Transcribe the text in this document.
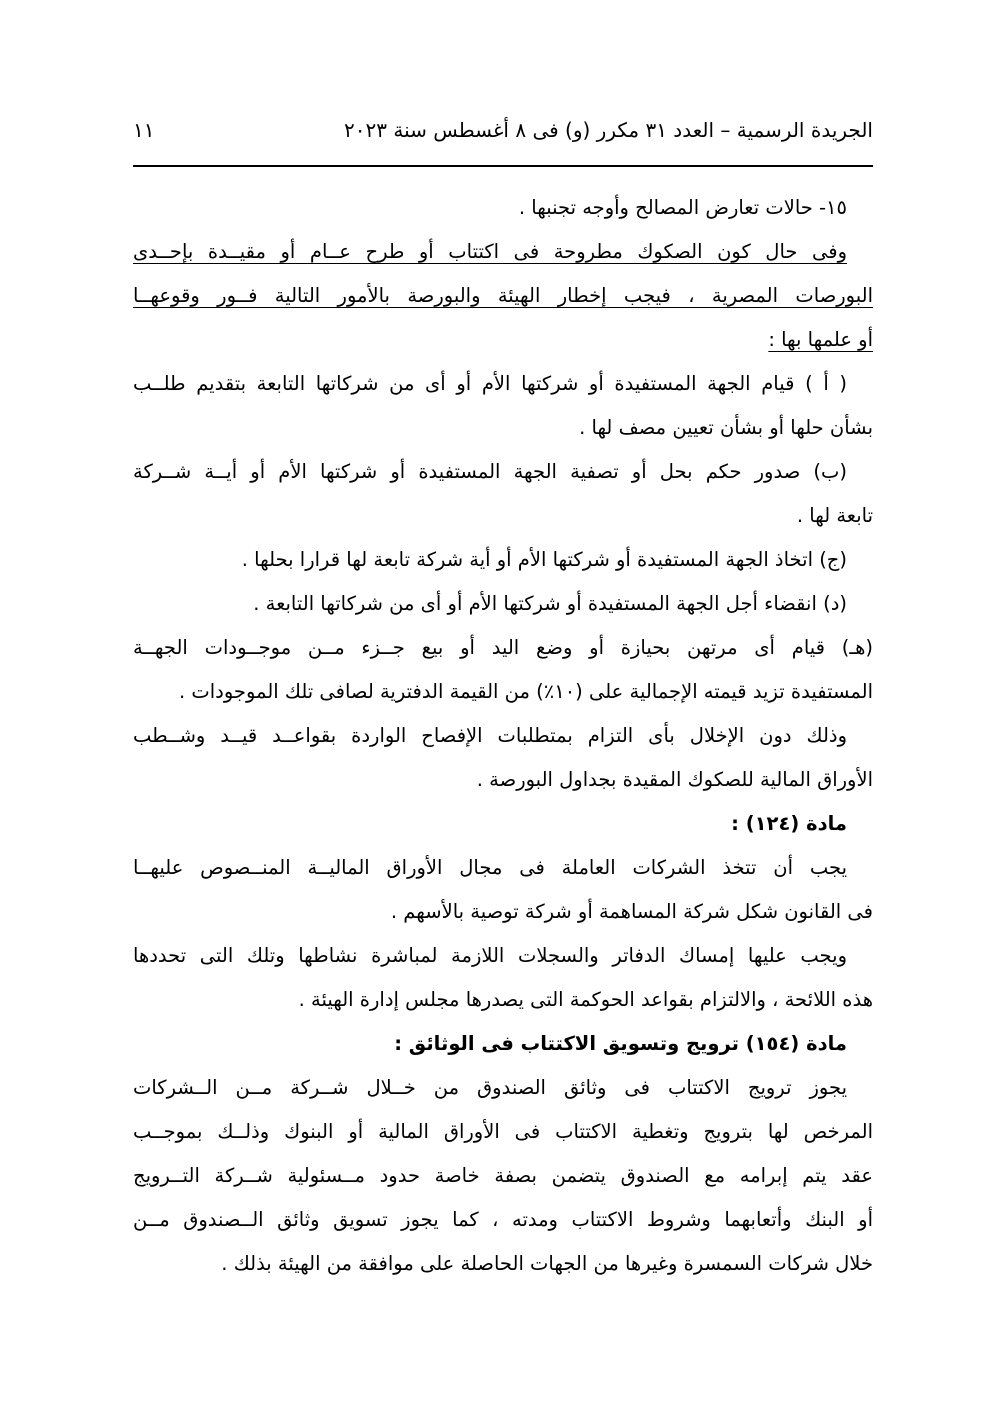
الجريدة الرسمية – العدد ٣١ مكرر (و) فى ٨ أغسطس سنة ٢٠٢٣
١١
١٥- حالات تعارض المصالح وأوجه تجنبها .
وفى حال كون الصكوك مطروحة فى اكتتاب أو طرح عــام أو مقيــدة بإحــدى
البورصات المصرية ، فيجب إخطار الهيئة والبورصة بالأمور التالية فــور وقوعهــا
أو علمها بها :
( أ ) قيام الجهة المستفيدة أو شركتها الأم أو أى من شركاتها التابعة بتقديم طلــب
بشأن حلها أو بشأن تعيين مصف لها .
(ب) صدور حكم بحل أو تصفية الجهة المستفيدة أو شركتها الأم أو أيــة شــركة
تابعة لها .
(ج) اتخاذ الجهة المستفيدة أو شركتها الأم أو أية شركة تابعة لها قرارا بحلها .
(د) انقضاء أجل الجهة المستفيدة أو شركتها الأم أو أى من شركاتها التابعة .
(هـ) قيام أى مرتهن بحيازة أو وضع اليد أو بيع جــزء مــن موجــودات الجهــة
المستفيدة تزيد قيمته الإجمالية على (١٠٪) من القيمة الدفترية لصافى تلك الموجودات .
وذلك دون الإخلال بأى التزام بمتطلبات الإفصاح الواردة بقواعــد قيــد وشــطب
الأوراق المالية للصكوك المقيدة بجداول البورصة .
مادة (١٢٤) :
يجب أن تتخذ الشركات العاملة فى مجال الأوراق الماليــة المنــصوص عليهــا
فى القانون شكل شركة المساهمة أو شركة توصية بالأسهم .
ويجب عليها إمساك الدفاتر والسجلات اللازمة لمباشرة نشاطها وتلك التى تحددها
هذه اللائحة ، والالتزام بقواعد الحوكمة التى يصدرها مجلس إدارة الهيئة .
مادة (١٥٤) ترويج وتسويق الاكتتاب فى الوثائق :
يجوز ترويج الاكتتاب فى وثائق الصندوق من خــلال شــركة مــن الــشركات
المرخص لها بترويج وتغطية الاكتتاب فى الأوراق المالية أو البنوك وذلــك بموجــب
عقد يتم إبرامه مع الصندوق يتضمن بصفة خاصة حدود مــسئولية شــركة التــرويج
أو البنك وأتعابهما وشروط الاكتتاب ومدته ، كما يجوز تسويق وثائق الــصندوق مــن
خلال شركات السمسرة وغيرها من الجهات الحاصلة على موافقة من الهيئة بذلك .
